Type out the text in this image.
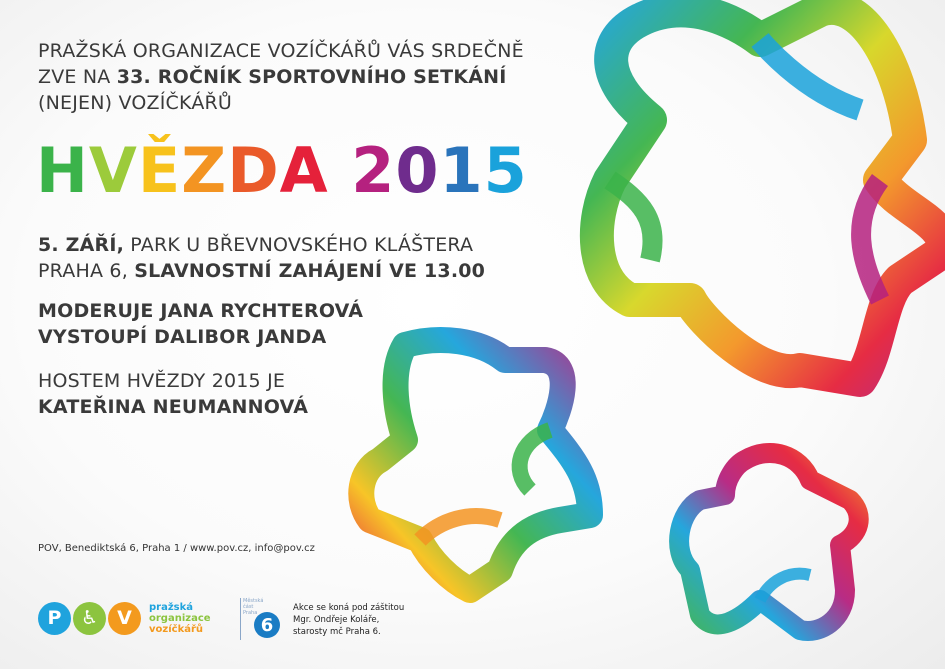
PRAŽSKÁ ORGANIZACE VOZÍČKÁŘŮ VÁS SRDEČNĚ
ZVE NA 33. ROČNÍK SPORTOVNÍHO SETKÁNÍ
(NEJEN) VOZÍČKÁŘŮ
HVĚZDA 2015
5. ZÁŘÍ, PARK U BŘEVNOVSKÉHO KLÁŠTERA
PRAHA 6, SLAVNOSTNÍ ZAHÁJENÍ VE 13.00
MODERUJE JANA RYCHTEROVÁ
VYSTOUPÍ DALIBOR JANDA
HOSTEM HVĚZDY 2015 JE
KATEŘINA NEUMANNOVÁ
POV, Benediktská 6, Praha 1 / www.pov.cz, info@pov.cz
P	♿	V	pražská
organizace
vozíčkářů
Městská část Praha
6
Akce se koná pod záštitou
Mgr. Ondřeje Koláře,
starosty mč Praha 6.
